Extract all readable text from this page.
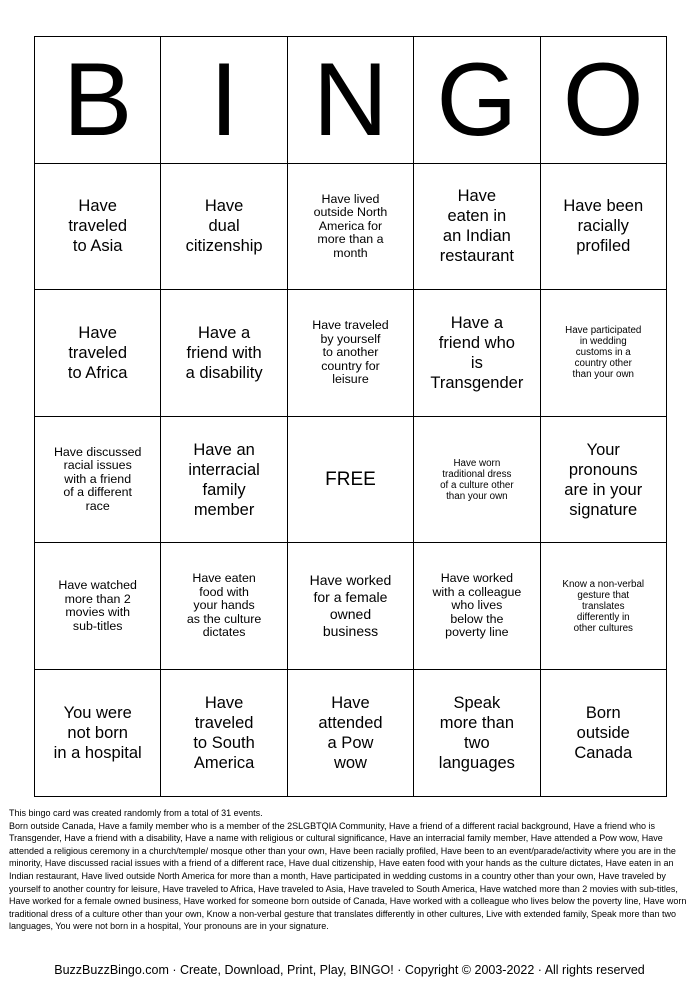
B I N G O
Have
traveled
to Asia
Have
dual
citizenship
Have lived
outside North
America for
more than a
month
Have
eaten in
an Indian
restaurant
Have been
racially
profiled
Have
traveled
to Africa
Have a
friend with
a disability
Have traveled
by yourself
to another
country for
leisure
Have a
friend who
is
Transgender
Have participated
in wedding
customs in a
country other
than your own
Have discussed
racial issues
with a friend
of a different
race
Have an
interracial
family
member
FREE
Have worn
traditional dress
of a culture other
than your own
Your
pronouns
are in your
signature
Have watched
more than 2
movies with
sub-titles
Have eaten
food with
your hands
as the culture
dictates
Have worked
for a female
owned
business
Have worked
with a colleague
who lives
below the
poverty line
Know a non-verbal
gesture that
translates
differently in
other cultures
You were
not born
in a hospital
Have
traveled
to South
America
Have
attended
a Pow
wow
Speak
more than
two
languages
Born
outside
Canada
This bingo card was created randomly from a total of 31 events.
Born outside Canada, Have a family member who is a member of the 2SLGBTQIA Community, Have a friend of a different racial background, Have a friend who is Transgender, Have a friend with a disability, Have a name with religious or cultural significance, Have an interracial family member, Have attended a Pow wow, Have attended a religious ceremony in a church/temple/ mosque other than your own, Have been racially profiled, Have been to an event/parade/activity where you are in the minority, Have discussed racial issues with a friend of a different race, Have dual citizenship, Have eaten food with your hands as the culture dictates, Have eaten in an Indian restaurant, Have lived outside North America for more than a month, Have participated in wedding customs in a country other than your own, Have traveled by yourself to another country for leisure, Have traveled to Africa, Have traveled to Asia, Have traveled to South America, Have watched more than 2 movies with sub-titles, Have worked for a female owned business, Have worked for someone born outside of Canada, Have worked with a colleague who lives below the poverty line, Have worn traditional dress of a culture other than your own, Know a non-verbal gesture that translates differently in other cultures, Live with extended family, Speak more than two languages, You were not born in a hospital, Your pronouns are in your signature.
BuzzBuzzBingo.com · Create, Download, Print, Play, BINGO! · Copyright © 2003-2022 · All rights reserved
